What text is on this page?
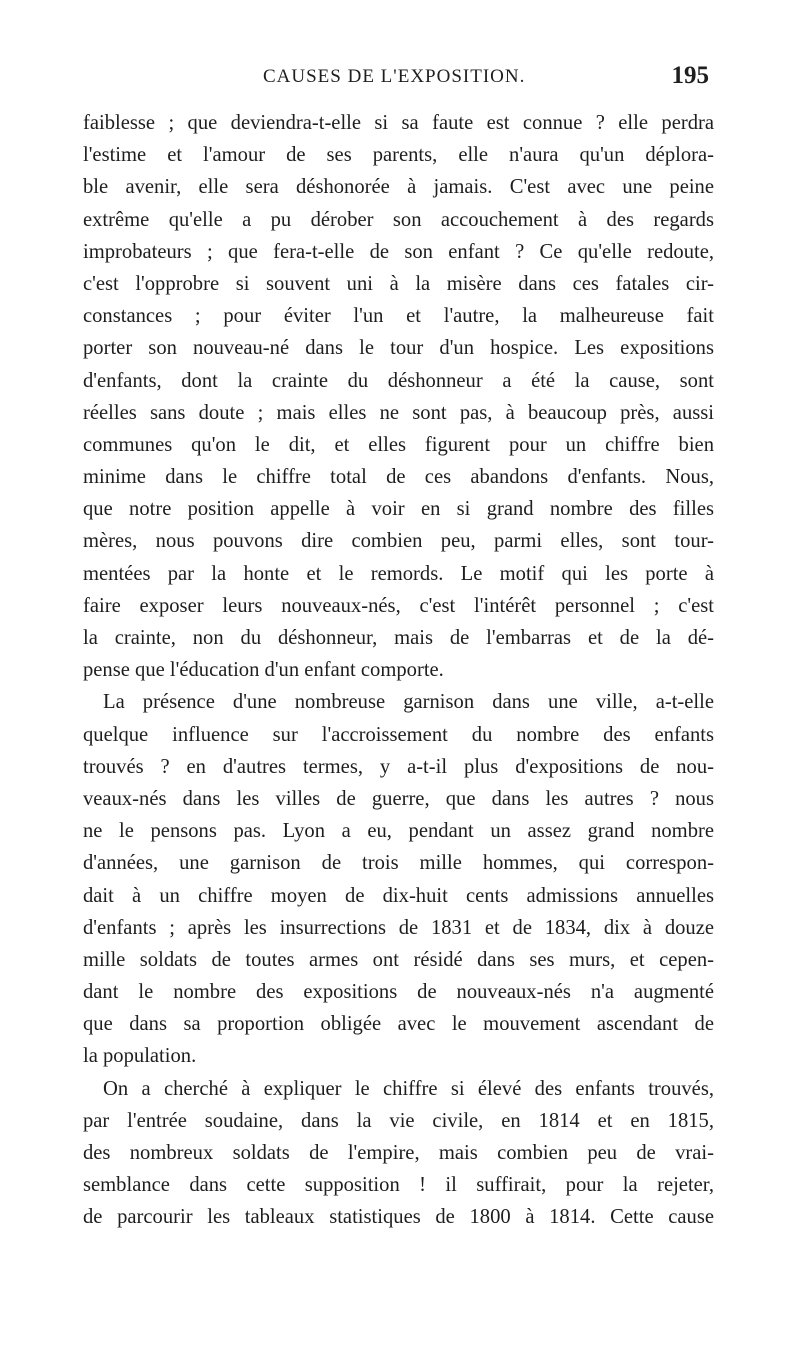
CAUSES DE L'EXPOSITION.	195
faiblesse ; que deviendra-t-elle si sa faute est connue ? elle perdra
l'estime et l'amour de ses parents, elle n'aura qu'un déplora-
ble avenir, elle sera déshonorée à jamais. C'est avec une peine
extrême qu'elle a pu dérober son accouchement à des regards
improbateurs ; que fera-t-elle de son enfant ? Ce qu'elle redoute,
c'est l'opprobre si souvent uni à la misère dans ces fatales cir-
constances ; pour éviter l'un et l'autre, la malheureuse fait
porter son nouveau-né dans le tour d'un hospice. Les expositions
d'enfants, dont la crainte du déshonneur a été la cause, sont
réelles sans doute ; mais elles ne sont pas, à beaucoup près, aussi
communes qu'on le dit, et elles figurent pour un chiffre bien
minime dans le chiffre total de ces abandons d'enfants. Nous,
que notre position appelle à voir en si grand nombre des filles
mères, nous pouvons dire combien peu, parmi elles, sont tour-
mentées par la honte et le remords. Le motif qui les porte à
faire exposer leurs nouveaux-nés, c'est l'intérêt personnel ; c'est
la crainte, non du déshonneur, mais de l'embarras et de la dé-
pense que l'éducation d'un enfant comporte.
La présence d'une nombreuse garnison dans une ville, a-t-elle
quelque influence sur l'accroissement du nombre des enfants
trouvés ? en d'autres termes, y a-t-il plus d'expositions de nou-
veaux-nés dans les villes de guerre, que dans les autres ? nous
ne le pensons pas. Lyon a eu, pendant un assez grand nombre
d'années, une garnison de trois mille hommes, qui correspon-
dait à un chiffre moyen de dix-huit cents admissions annuelles
d'enfants ; après les insurrections de 1831 et de 1834, dix à douze
mille soldats de toutes armes ont résidé dans ses murs, et cepen-
dant le nombre des expositions de nouveaux-nés n'a augmenté
que dans sa proportion obligée avec le mouvement ascendant de
la population.
On a cherché à expliquer le chiffre si élevé des enfants trouvés,
par l'entrée soudaine, dans la vie civile, en 1814 et en 1815,
des nombreux soldats de l'empire, mais combien peu de vrai-
semblance dans cette supposition ! il suffirait, pour la rejeter,
de parcourir les tableaux statistiques de 1800 à 1814. Cette cause
